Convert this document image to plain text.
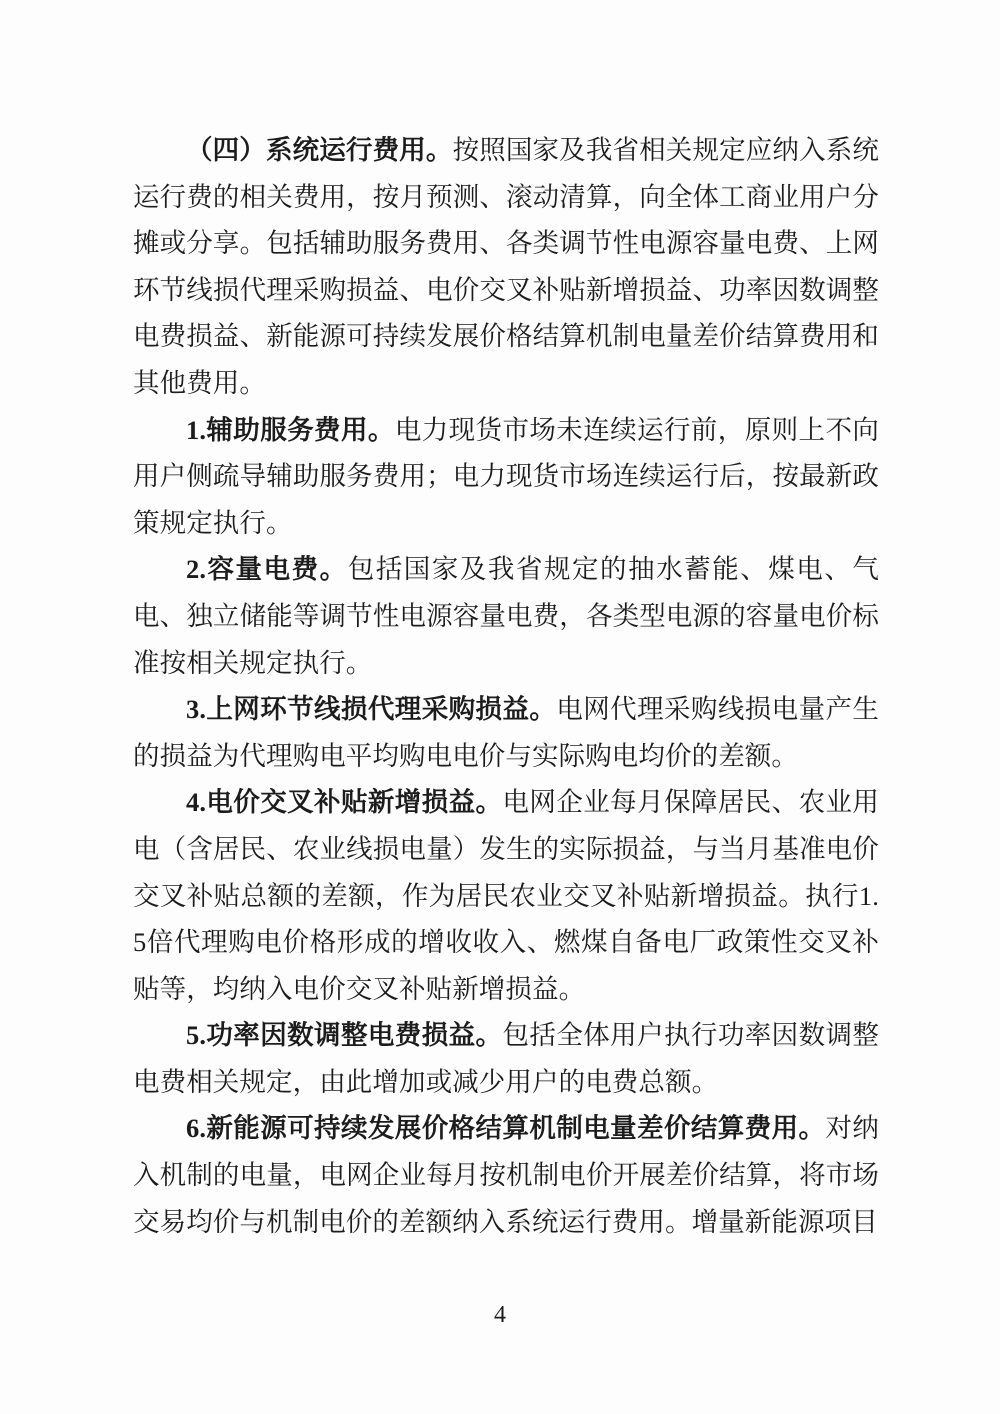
（四）系统运行费用。按照国家及我省相关规定应纳入系统运行费的相关费用，按月预测、滚动清算，向全体工商业用户分摊或分享。包括辅助服务费用、各类调节性电源容量电费、上网环节线损代理采购损益、电价交叉补贴新增损益、功率因数调整电费损益、新能源可持续发展价格结算机制电量差价结算费用和其他费用。

1.辅助服务费用。电力现货市场未连续运行前，原则上不向用户侧疏导辅助服务费用；电力现货市场连续运行后，按最新政策规定执行。

2.容量电费。包括国家及我省规定的抽水蓄能、煤电、气电、独立储能等调节性电源容量电费，各类型电源的容量电价标准按相关规定执行。

3.上网环节线损代理采购损益。电网代理采购线损电量产生的损益为代理购电平均购电电价与实际购电均价的差额。

4.电价交叉补贴新增损益。电网企业每月保障居民、农业用电（含居民、农业线损电量）发生的实际损益，与当月基准电价交叉补贴总额的差额，作为居民农业交叉补贴新增损益。执行1.5倍代理购电价格形成的增收收入、燃煤自备电厂政策性交叉补贴等，均纳入电价交叉补贴新增损益。

5.功率因数调整电费损益。包括全体用户执行功率因数调整电费相关规定，由此增加或减少用户的电费总额。

6.新能源可持续发展价格结算机制电量差价结算费用。对纳入机制的电量，电网企业每月按机制电价开展差价结算，将市场交易均价与机制电价的差额纳入系统运行费用。增量新能源项目

4
